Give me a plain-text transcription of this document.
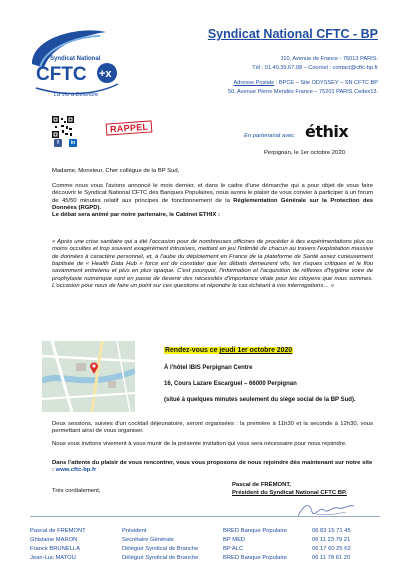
Syndicat National
CFTC +x
La Vie à Défendre
Syndicat National CFTC - BP
110, Avenue de France - 75013 PARIS.
Tél : 01.40.39.67.08 – Courriel : contact@cftc-bp.fr
Adresse Postale : BPCE – Site ODYSSEY – SN CFTC BP
50, Avenue Pierre Mendès France – 75201 PARIS Cedex13.
f	in
RAPPEL
En partenariat avec éthix
Perpignan, le 1er octobre 2020.
Madame, Monsieur, Cher collègue de la BP Sud,
Comme nous vous l'avions annoncé le mois dernier, et dans le cadre d'une démarche qui a pour objet de vous faire découvrir le Syndicat National CFTC des Banques Populaires, nous avons le plaisir de vous convier à participer à un forum de 45/50 minutes relatif aux principes de fonctionnement de la Réglementation Générale sur la Protection des Données (RGPD).
Le débat sera animé par notre partenaire, le Cabinet ETHIX :
« Après une crise sanitaire qui a été l'occasion pour de nombreuses officines de procéder à des expérimentations plus ou moins occultes et trop souvent exagérément intrusives, mettant en jeu l'intimité de chacun au travers l'exploitation massive de données à caractère personnel, et, à l'aube du déploiement en France de la plateforme de Santé assez curieusement baptisée de « Health Data Hub » force est de constater que les débats demeurent vifs, les risques critiques et le flou savamment entretenu et plus en plus opaque. C'est pourquoi, l'information et l'acquisition de réflexes d'hygiène voire de prophylaxie numérique sont en passe de devenir des nécessités d'importance vitale pour les citoyens que nous sommes. L'occasion pour nous de faire un point sur ces questions et répondre le cas échéant à vos interrogations… »
Rendez-vous ce jeudi 1er octobre 2020
À l'hôtel IBIS Perpignan Centre
16, Cours Lazare Escarguel – 66000 Perpignan
(situé à quelques minutes seulement du siège social de la BP Sud).
Deux sessions, suivies d'un cocktail déjeunatoire, seront organisées : la première à 11h30 et la seconde à 12h30, vous permettant ainsi de vous organiser.
Nous vous invitons vivement à vous munir de la présente invitation qui vous sera nécessaire pour nous rejoindre.
Dans l'attente du plaisir de vous rencontrer, vous vous proposons de nous rejoindre dès maintenant sur notre site : www.cftc-bp.fr
Très cordialement,
Pascal de FRÉMONT,
Président du Syndicat National CFTC BP.
Pascal de FREMONT	Président	BRED Banque Populaire	06 83 15 71 45
Ghislaine MARON	Secrétaire Générale	BP MED	06 11 23 79 21
Franck BRUNELLA	Délégué Syndical de Branche	BP ALC	06 17 60 25 62
Jean-Luc MATOU	Délégué Syndical de Branche	BRED Banque Populaire	06 11 78 61 20
